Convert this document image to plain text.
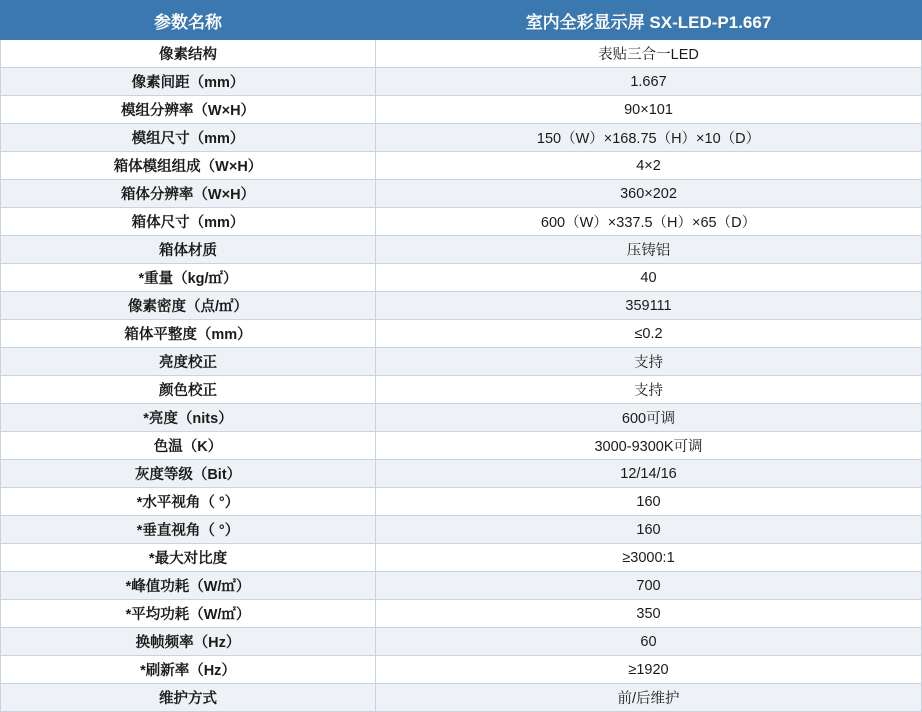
参数名称	室内全彩显示屏 SX-LED-P1.667
像素结构	表贴三合一LED
像素间距（mm）	1.667
模组分辨率（W×H）	90×101
模组尺寸（mm）	150（W）×168.75（H）×10（D）
箱体模组组成（W×H）	4×2
箱体分辨率（W×H）	360×202
箱体尺寸（mm）	600（W）×337.5（H）×65（D）
箱体材质	压铸铝
*重量（kg/㎡）	40
像素密度（点/㎡）	359111
箱体平整度（mm）	≤0.2
亮度校正	支持
颜色校正	支持
*亮度（nits）	600可调
色温（K）	3000-9300K可调
灰度等级（Bit）	12/14/16
*水平视角（ °）	160
*垂直视角（ °）	160
*最大对比度	≥3000:1
*峰值功耗（W/㎡）	700
*平均功耗（W/㎡）	350
换帧频率（Hz）	60
*刷新率（Hz）	≥1920
维护方式	前/后维护
